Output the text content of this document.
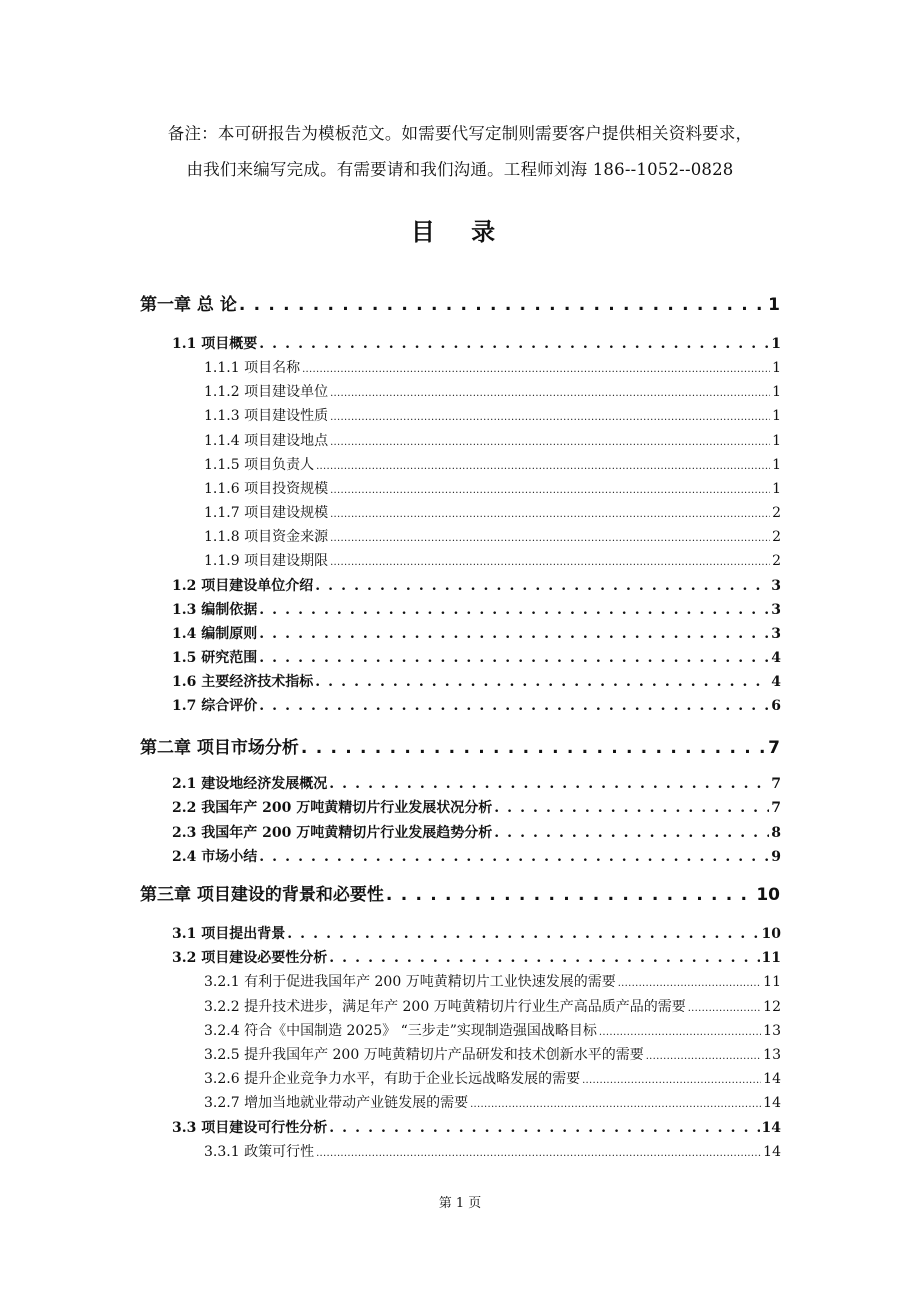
备注：本可研报告为模板范文。如需要代写定制则需要客户提供相关资料要求，
由我们来编写完成。有需要请和我们沟通。工程师刘海 186--1052--0828
目 录
第一章 总 论 . . .	1
1.1 项目概要 . . .	1
1.1.1 项目名称 .....	1
1.1.2 项目建设单位 .....	1
1.1.3 项目建设性质 .....	1
1.1.4 项目建设地点 .....	1
1.1.5 项目负责人 .....	1
1.1.6 项目投资规模 .....	1
1.1.7 项目建设规模 .....	2
1.1.8 项目资金来源 .....	2
1.1.9 项目建设期限 .....	2
1.2 项目建设单位介绍 . . .	3
1.3 编制依据 . . .	3
1.4 编制原则 . . .	3
1.5 研究范围 . . .	4
1.6 主要经济技术指标 . . .	4
1.7 综合评价 . . .	6
第二章 项目市场分析 . . .	7
2.1 建设地经济发展概况 . . .	7
2.2 我国年产 200 万吨黄精切片行业发展状况分析 . . .	7
2.3 我国年产 200 万吨黄精切片行业发展趋势分析 . . .	8
2.4 市场小结 . . .	9
第三章 项目建设的背景和必要性 . . .	10
3.1 项目提出背景 . . .	10
3.2 项目建设必要性分析 . . .	11
3.2.1 有利于促进我国年产 200 万吨黄精切片工业快速发展的需要 .....	11
3.2.2 提升技术进步，满足年产 200 万吨黄精切片行业生产高品质产品的需要 .....	12
3.2.4 符合《中国制造 2025》 “三步走”实现制造强国战略目标 .....	13
3.2.5 提升我国年产 200 万吨黄精切片产品研发和技术创新水平的需要 .....	13
3.2.6 提升企业竞争力水平，有助于企业长远战略发展的需要 .....	14
3.2.7 增加当地就业带动产业链发展的需要 .....	14
3.3 项目建设可行性分析 . . .	14
3.3.1 政策可行性 .....	14
第 1 页
